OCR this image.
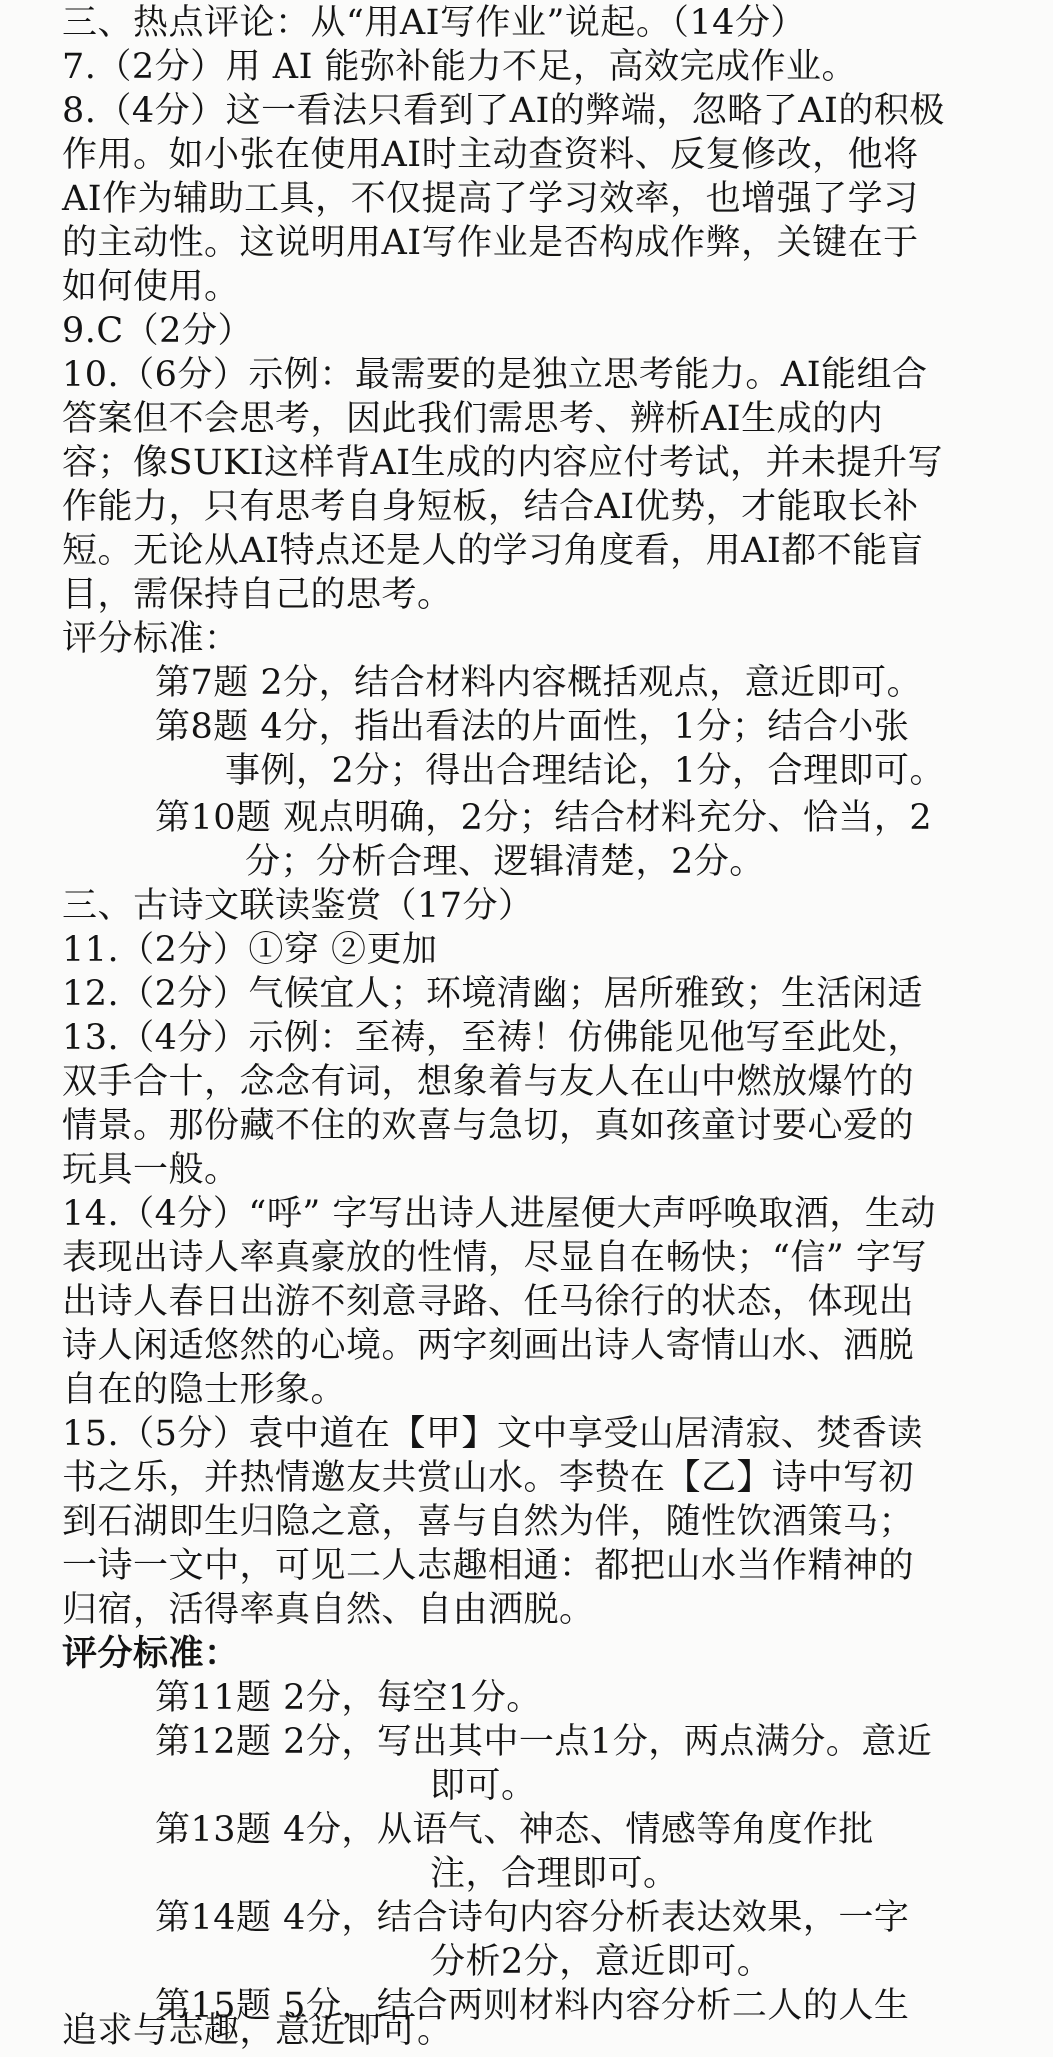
三、热点评论：从“用AI写作业”说起。（14分）
7.（2分）用 AI 能弥补能力不足，高效完成作业。
8.（4分）这一看法只看到了AI的弊端，忽略了AI的积极
作用。如小张在使用AI时主动查资料、反复修改，他将
AI作为辅助工具，不仅提高了学习效率，也增强了学习
的主动性。这说明用AI写作业是否构成作弊，关键在于
如何使用。
9.C（2分）
10.（6分）示例：最需要的是独立思考能力。AI能组合
答案但不会思考，因此我们需思考、辨析AI生成的内
容；像SUKI这样背AI生成的内容应付考试，并未提升写
作能力，只有思考自身短板，结合AI优势，才能取长补
短。无论从AI特点还是人的学习角度看，用AI都不能盲
目，需保持自己的思考。
评分标准：
第7题 2分，结合材料内容概括观点，意近即可。
第8题 4分，指出看法的片面性，1分；结合小张
事例，2分；得出合理结论，1分，合理即可。
第10题 观点明确，2分；结合材料充分、恰当，2
分；分析合理、逻辑清楚，2分。
三、古诗文联读鉴赏（17分）
11.（2分）①穿 ②更加
12.（2分）气候宜人；环境清幽；居所雅致；生活闲适
13.（4分）示例：至祷，至祷！仿佛能见他写至此处，
双手合十，念念有词，想象着与友人在山中燃放爆竹的
情景。那份藏不住的欢喜与急切，真如孩童讨要心爱的
玩具一般。
14.（4分）“呼” 字写出诗人进屋便大声呼唤取酒，生动
表现出诗人率真豪放的性情，尽显自在畅快；“信” 字写
出诗人春日出游不刻意寻路、任马徐行的状态，体现出
诗人闲适悠然的心境。两字刻画出诗人寄情山水、洒脱
自在的隐士形象。
15.（5分）袁中道在【甲】文中享受山居清寂、焚香读
书之乐，并热情邀友共赏山水。李贽在【乙】诗中写初
到石湖即生归隐之意，喜与自然为伴，随性饮酒策马；
一诗一文中，可见二人志趣相通：都把山水当作精神的
归宿，活得率真自然、自由洒脱。
评分标准：
第11题 2分，每空1分。
第12题 2分，写出其中一点1分，两点满分。意近
即可。
第13题 4分，从语气、神态、情感等角度作批
注，合理即可。
第14题 4分，结合诗句内容分析表达效果，一字
分析2分，意近即可。
第15题 5分，结合两则材料内容分析二人的人生
追求与志趣，意近即可。
